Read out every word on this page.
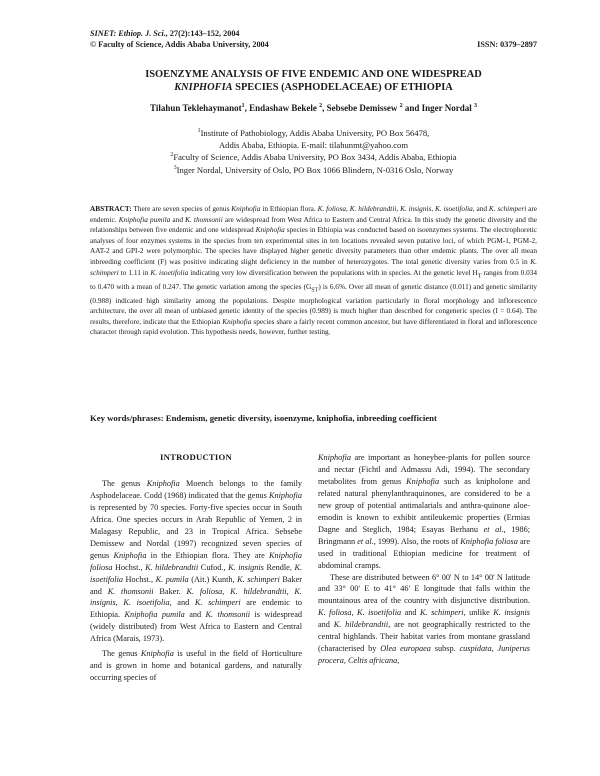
SINET: Ethiop. J. Sci., 27(2):143–152, 2004
© Faculty of Science, Addis Ababa University, 2004	ISSN: 0379–2897
ISOENZYME ANALYSIS OF FIVE ENDEMIC AND ONE WIDESPREAD
KNIPHOFIA SPECIES (ASPHODELACEAE) OF ETHIOPIA
Tilahun Teklehaymanot$^1$, Endashaw Bekele $^2$, Sebsebe Demissew $^2$ and Inger Nordal $^3$
$^1$Institute of Pathobiology, Addis Ababa University, PO Box 56478,
Addis Ababa, Ethiopia. E-mail: tilahunmt@yahoo.com
$^2$Faculty of Science, Addis Ababa University, PO Box 3434, Addis Ababa, Ethiopia
$^3$Inger Nordal, University of Oslo, PO Box 1066 Blindern, N-0316 Oslo, Norway
ABSTRACT: There are seven species of genus Kniphofia in Ethiopian flora. K. foliosa, K. hildebrandtii, K. insignis, K. isoetifolia, and K. schimperi are endemic. Kniphofia pumila and K. thomsonii are widespread from West Africa to Eastern and Central Africa. In this study the genetic diversity and the relationships between five endemic and one widespread Kniphofia species in Ethiopia was conducted based on isoenzymes systems. The electrophoretic analyses of four enzymes systems in the species from ten experimental sites in ten locations revealed seven putative loci, of which PGM-1, PGM-2, AAT-2 and GPI-2 were polymorphic. The species have displayed higher genetic diversity parameters than other endemic plants. The over all mean inbreeding coefficient (F) was positive indicating slight deficiency in the number of heterozygotes. The total genetic diversity varies from 0.5 in K. schimperi to 1.11 in K. isoetifolia indicating very low diversification between the populations with in species. At the genetic level $H_T$ ranges from 0.034 to 0.470 with a mean of 0.247. The genetic variation among the species $(G_{ST})$ is 6.6%. Over all mean of genetic distance (0.011) and genetic similarity (0.988) indicated high similarity among the populations. Despite morphological variation particularly in floral morphology and inflorescence architecture, the over all mean of unbiased genetic identity of the species (0.989) is much higher than described for congeneric species (I = 0.64). The results, therefore, indicate that the Ethiopian Kniphofia species share a fairly recent common ancestor, but have differentiated in floral and inflorescence character through rapid evolution. This hypothesis needs, however, further testing.
Key words/phrases: Endemism, genetic diversity, isoenzyme, kniphofia, inbreeding coefficient

INTRODUCTION

The genus Kniphofia Moench belongs to the family Asphodelaceae. Codd (1968) indicated that the genus Kniphofia is represented by 70 species. Forty-five species occur in South Africa. One species occurs in Arab Republic of Yemen, 2 in Malagasy Republic, and 23 in Tropical Africa. Sebsebe Demissew and Nordal (1997) recognized seven species of genus Kniphofia in the Ethiopian flora. They are Kniphofia foliosa Hochst., K. hildebrandtii Cufod., K. insignis Rendle, K. isoetifolia Hochst., K. pumila (Ait.) Kunth, K. schimperi Baker and K. thomsonii Baker. K. foliosa, K. hildebrandtii, K. insignis, K. isoetifolia, and K. schimperi are endemic to Ethiopia. Kniphofia pumila and K. thomsonii is widespread (widely distributed) from West Africa to Eastern and Central Africa (Marais, 1973).

The genus Kniphofia is useful in the field of Horticulture and is grown in home and botanical gardens, and naturally occurring species of

Kniphofia are important as honeybee-plants for pollen source and nectar (Fichtl and Admassu Adi, 1994). The secondary metabolites from genus Kniphofia such as knipholone and related natural phenylanthraquinones, are considered to be a new group of potential antimalarials and anthra-quinone aloe-emodin is known to exhibit antileukemic properties (Ermias Dagne and Steglich, 1984; Esayas Berhanu et al., 1986; Bringmann et al., 1999). Also, the roots of Kniphofia foliosa are used in traditional Ethiopian medicine for treatment of abdominal cramps.

These are distributed between 6° 00' N to 14° 00' N latitude and 33° 00' E to 41° 46' E longitude that falls within the mountainous area of the country with disjunctive distribution. K. foliosa, K. isoetifolia and K. schimperi, unlike K. insignis and K. hildebrandtii, are not geographically restricted to the central highlands. Their habitat varies from montane grassland (characterised by Olea europaea subsp. cuspidata, Juniperus procera, Celtis africana,
